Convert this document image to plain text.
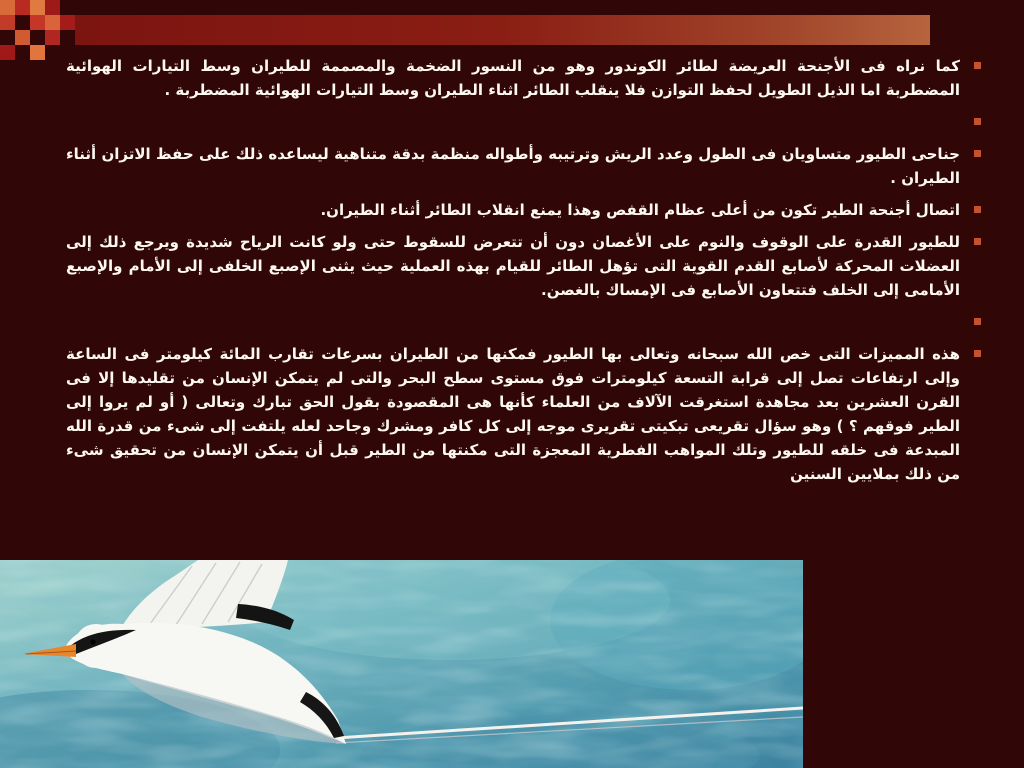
كما نراه فى الأجنحة العريضة لطائر الكوندور وهو من النسور الضخمة والمصممة للطيران وسط التيارات الهوائية المضطربة اما الذيل الطويل لحفظ التوازن فلا ينقلب الطائر اثناء الطيران وسط التيارات الهوائية المضطربة .
جناحى الطيور متساويان فى الطول وعدد الريش وترتيبه وأطواله منظمة بدقة متناهية ليساعده ذلك على حفظ الاتزان أثناء الطيران .
اتصال أجنحة الطير تكون من أعلى عظام القفص وهذا يمنع انقلاب الطائر أثناء الطيران.
للطيور القدرة على الوقوف والنوم على الأغصان دون أن تتعرض للسقوط حتى ولو كانت الرياح شديدة ويرجع ذلك إلى العضلات المحركة لأصابع القدم القوية التى تؤهل الطائر للقيام بهذه العملية حيث يثنى الإصبع الخلفى إلى الأمام والإصبع الأمامى إلى الخلف فتتعاون الأصابع فى الإمساك بالغصن.
هذه المميزات التى خص الله سبحانه وتعالى بها الطيور فمكنها من الطيران بسرعات تقارب المائة كيلومتر فى الساعة وإلى ارتفاعات تصل إلى قرابة التسعة كيلومترات فوق مستوى سطح البحر والتى لم يتمكن الإنسان من تقليدها إلا فى القرن العشرين بعد مجاهدة استغرقت الآلاف من العلماء كأنها هى المقصودة بقول الحق تبارك وتعالى ( أو لم يروا إلى الطير فوقهم ؟ ) وهو سؤال تقريعى تبكيتى تقريرى موجه إلى كل كافر ومشرك وجاحد لعله يلتفت إلى شىء من قدرة الله المبدعة فى خلقه للطيور وتلك المواهب الفطرية المعجزة التى مكنتها من الطير قبل أن يتمكن الإنسان من تحقيق شىء من ذلك بملايين السنين
